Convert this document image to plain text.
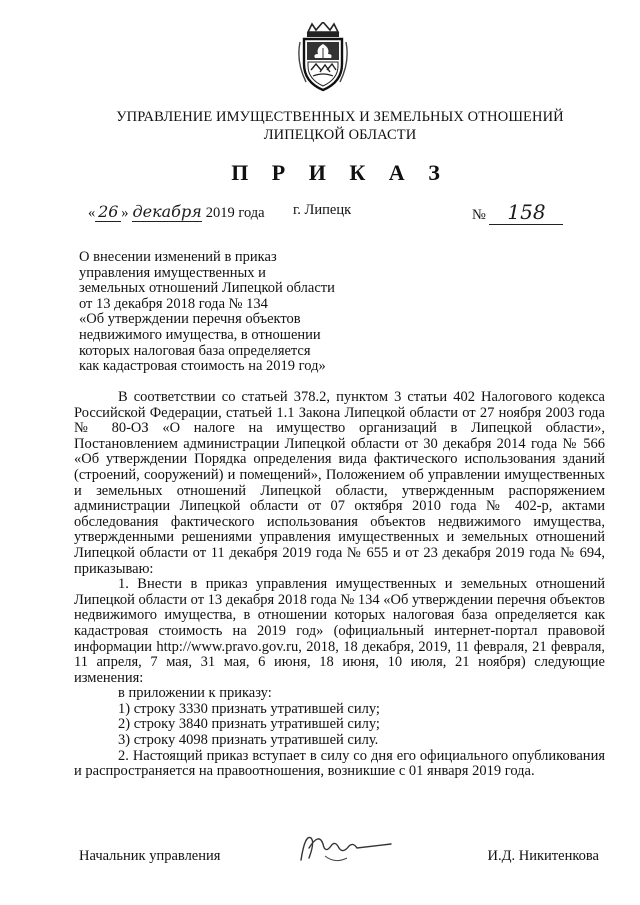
УПРАВЛЕНИЕ ИМУЩЕСТВЕННЫХ И ЗЕМЕЛЬНЫХ ОТНОШЕНИЙ
ЛИПЕЦКОЙ ОБЛАСТИ
П Р И К А З
« 26 » декабря 2019 года г. Липецк	№ 158
О внесении изменений в приказ
управления имущественных и
земельных отношений Липецкой области
от 13 декабря 2018 года № 134
«Об утверждении перечня объектов
недвижимого имущества, в отношении
которых налоговая база определяется
как кадастровая стоимость на 2019 год»

В соответствии со статьей 378.2, пунктом 3 статьи 402 Налогового кодекса Российской Федерации, статьей 1.1 Закона Липецкой области от 27 ноября 2003 года № 80-ОЗ «О налоге на имущество организаций в Липецкой области», Постановлением администрации Липецкой области от 30 декабря 2014 года № 566 «Об утверждении Порядка определения вида фактического использования зданий (строений, сооружений) и помещений», Положением об управлении имущественных и земельных отношений Липецкой области, утвержденным распоряжением администрации Липецкой области от 07 октября 2010 года № 402-р, актами обследования фактического использования объектов недвижимого имущества, утвержденными решениями управления имущественных и земельных отношений Липецкой области от 11 декабря 2019 года № 655 и от 23 декабря 2019 года № 694, приказываю:

1. Внести в приказ управления имущественных и земельных отношений Липецкой области от 13 декабря 2018 года № 134 «Об утверждении перечня объектов недвижимого имущества, в отношении которых налоговая база определяется как кадастровая стоимость на 2019 год» (официальный интернет-портал правовой информации http://www.pravo.gov.ru, 2018, 18 декабря, 2019, 11 февраля, 21 февраля, 11 апреля, 7 мая, 31 мая, 6 июня, 18 июня, 10 июля, 21 ноября) следующие изменения:

в приложении к приказу:
1) строку 3330 признать утратившей силу;
2) строку 3840 признать утратившей силу;
3) строку 4098 признать утратившей силу.

2. Настоящий приказ вступает в силу со дня его официального опубликования и распространяется на правоотношения, возникшие с 01 января 2019 года.

Начальник управления	И.Д. Никитенкова
